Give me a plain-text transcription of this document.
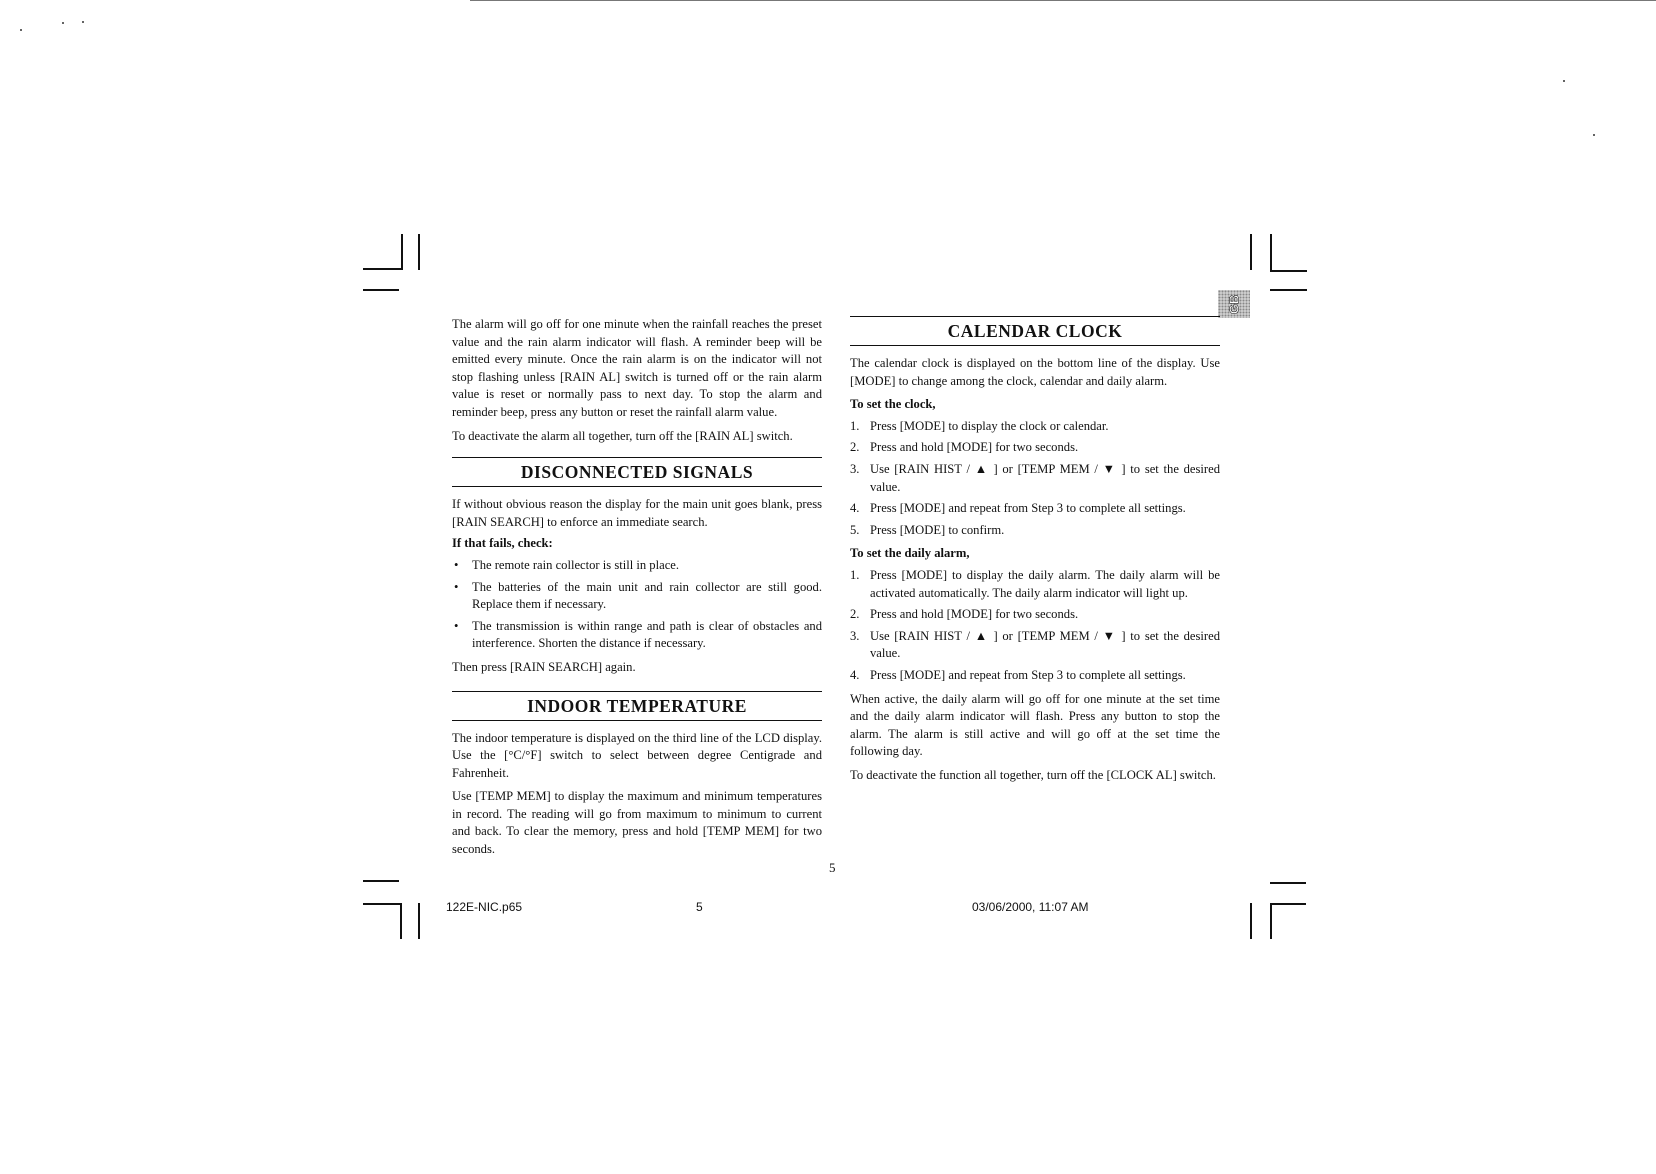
GB

The alarm will go off for one minute when the rainfall reaches the preset value and the rain alarm indicator will flash. A reminder beep will be emitted every minute. Once the rain alarm is on the indicator will not stop flashing unless [RAIN AL] switch is turned off or the rain alarm value is reset or normally pass to next day. To stop the alarm and reminder beep, press any button or reset the rainfall alarm value.

To deactivate the alarm all together, turn off the [RAIN AL] switch.

DISCONNECTED SIGNALS

If without obvious reason the display for the main unit goes blank, press [RAIN SEARCH] to enforce an immediate search.

If that fails, check:
• The remote rain collector is still in place.
• The batteries of the main unit and rain collector are still good. Replace them if necessary.
• The transmission is within range and path is clear of obstacles and interference. Shorten the distance if necessary.

Then press [RAIN SEARCH] again.

INDOOR TEMPERATURE

The indoor temperature is displayed on the third line of the LCD display. Use the [°C/°F] switch to select between degree Centigrade and Fahrenheit.

Use [TEMP MEM] to display the maximum and minimum temperatures in record. The reading will go from maximum to minimum to current and back. To clear the memory, press and hold [TEMP MEM] for two seconds.

CALENDAR CLOCK

The calendar clock is displayed on the bottom line of the display. Use [MODE] to change among the clock, calendar and daily alarm.

To set the clock,
1. Press [MODE] to display the clock or calendar.
2. Press and hold [MODE] for two seconds.
3. Use [RAIN HIST / ▲ ] or [TEMP MEM / ▼ ] to set the desired value.
4. Press [MODE] and repeat from Step 3 to complete all settings.
5. Press [MODE] to confirm.
To set the daily alarm,
1. Press [MODE] to display the daily alarm. The daily alarm will be activated automatically. The daily alarm indicator will light up.
2. Press and hold [MODE] for two seconds.
3. Use [RAIN HIST / ▲ ] or [TEMP MEM / ▼ ] to set the desired value.
4. Press [MODE] and repeat from Step 3 to complete all settings.

When active, the daily alarm will go off for one minute at the set time and the daily alarm indicator will flash. Press any button to stop the alarm. The alarm is still active and will go off at the set time the following day.

To deactivate the function all together, turn off the [CLOCK AL] switch.

5
122E-NIC.p65	5	03/06/2000, 11:07 AM
